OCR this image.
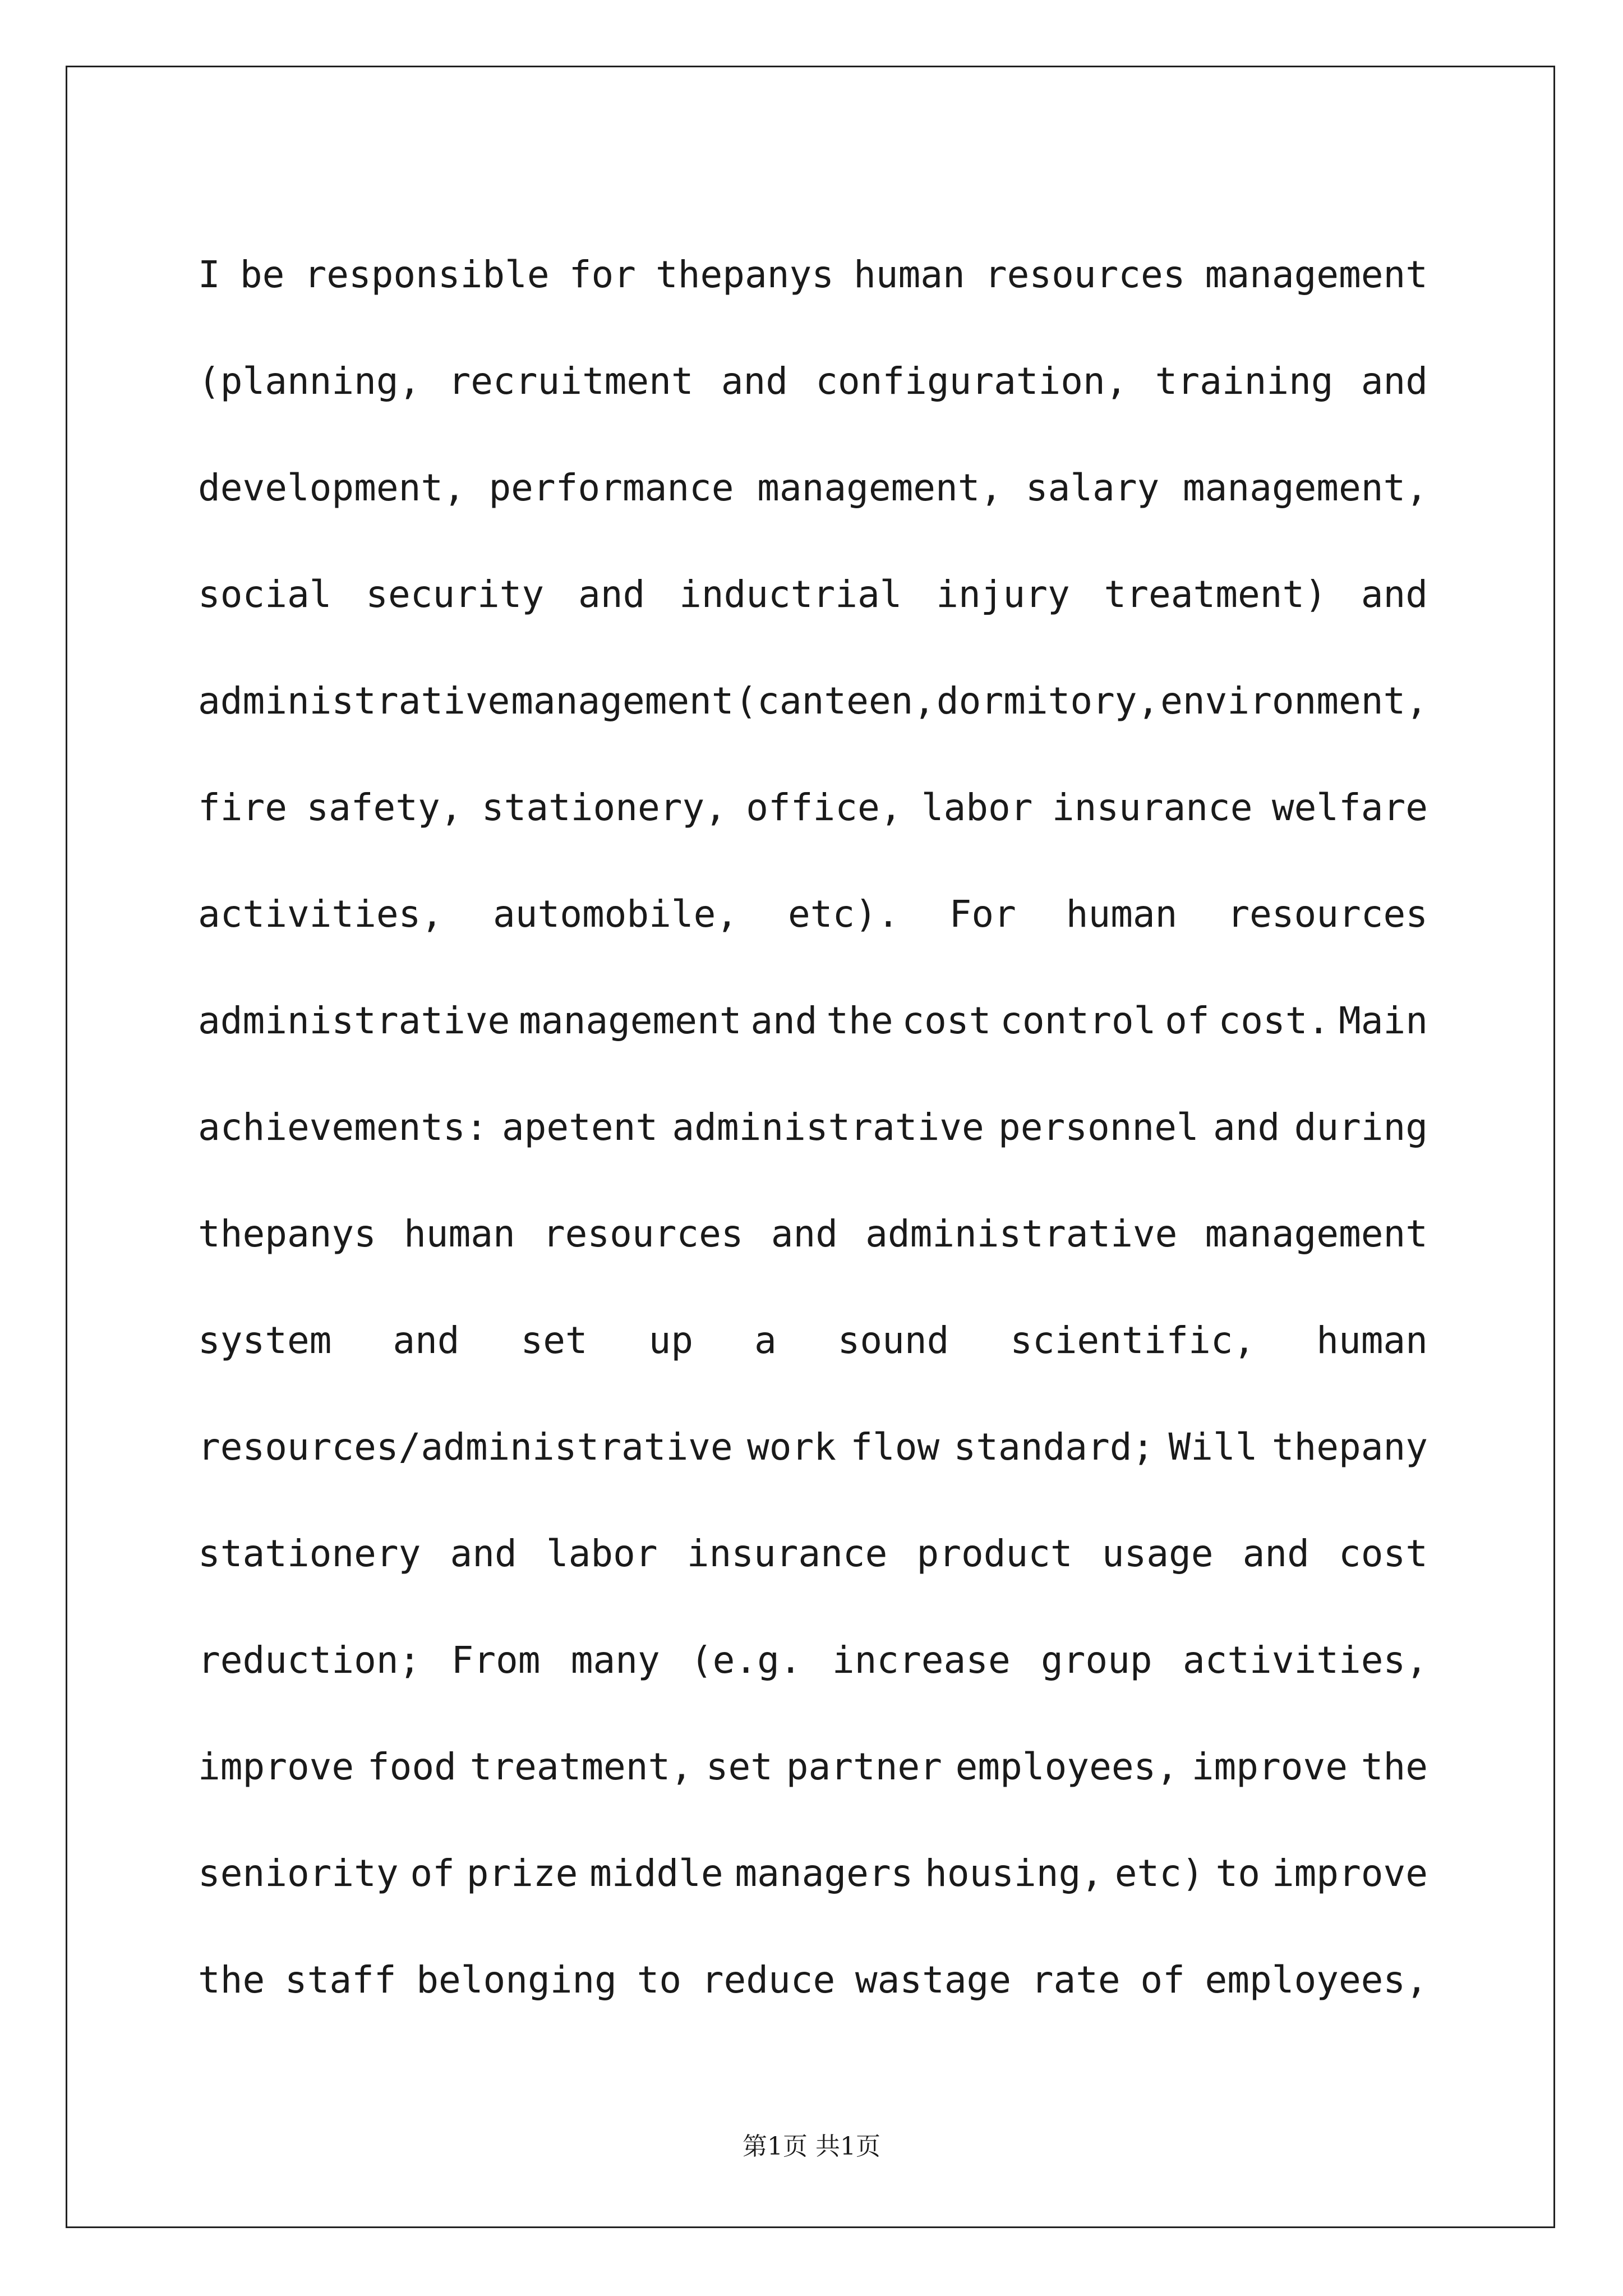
I be responsible for thepanys human resources management
(planning, recruitment and configuration, training and
development, performance management, salary management,
social security and inductrial injury treatment) and
administrative management (canteen, dormitory, environment,
fire safety, stationery, office, labor insurance welfare
activities, automobile, etc). For human resources
administrative management and the cost control of cost. Main
achievements: apetent administrative personnel and during
thepanys human resources and administrative management
system and set up a sound scientific, human
resources/administrative work flow standard; Will thepany
stationery and labor insurance product usage and cost
reduction; From many (e.g. increase group activities,
improve food treatment, set partner employees, improve the
seniority of prize middle managers housing, etc) to improve
the staff belonging to reduce wastage rate of employees,
第1页 共1页
